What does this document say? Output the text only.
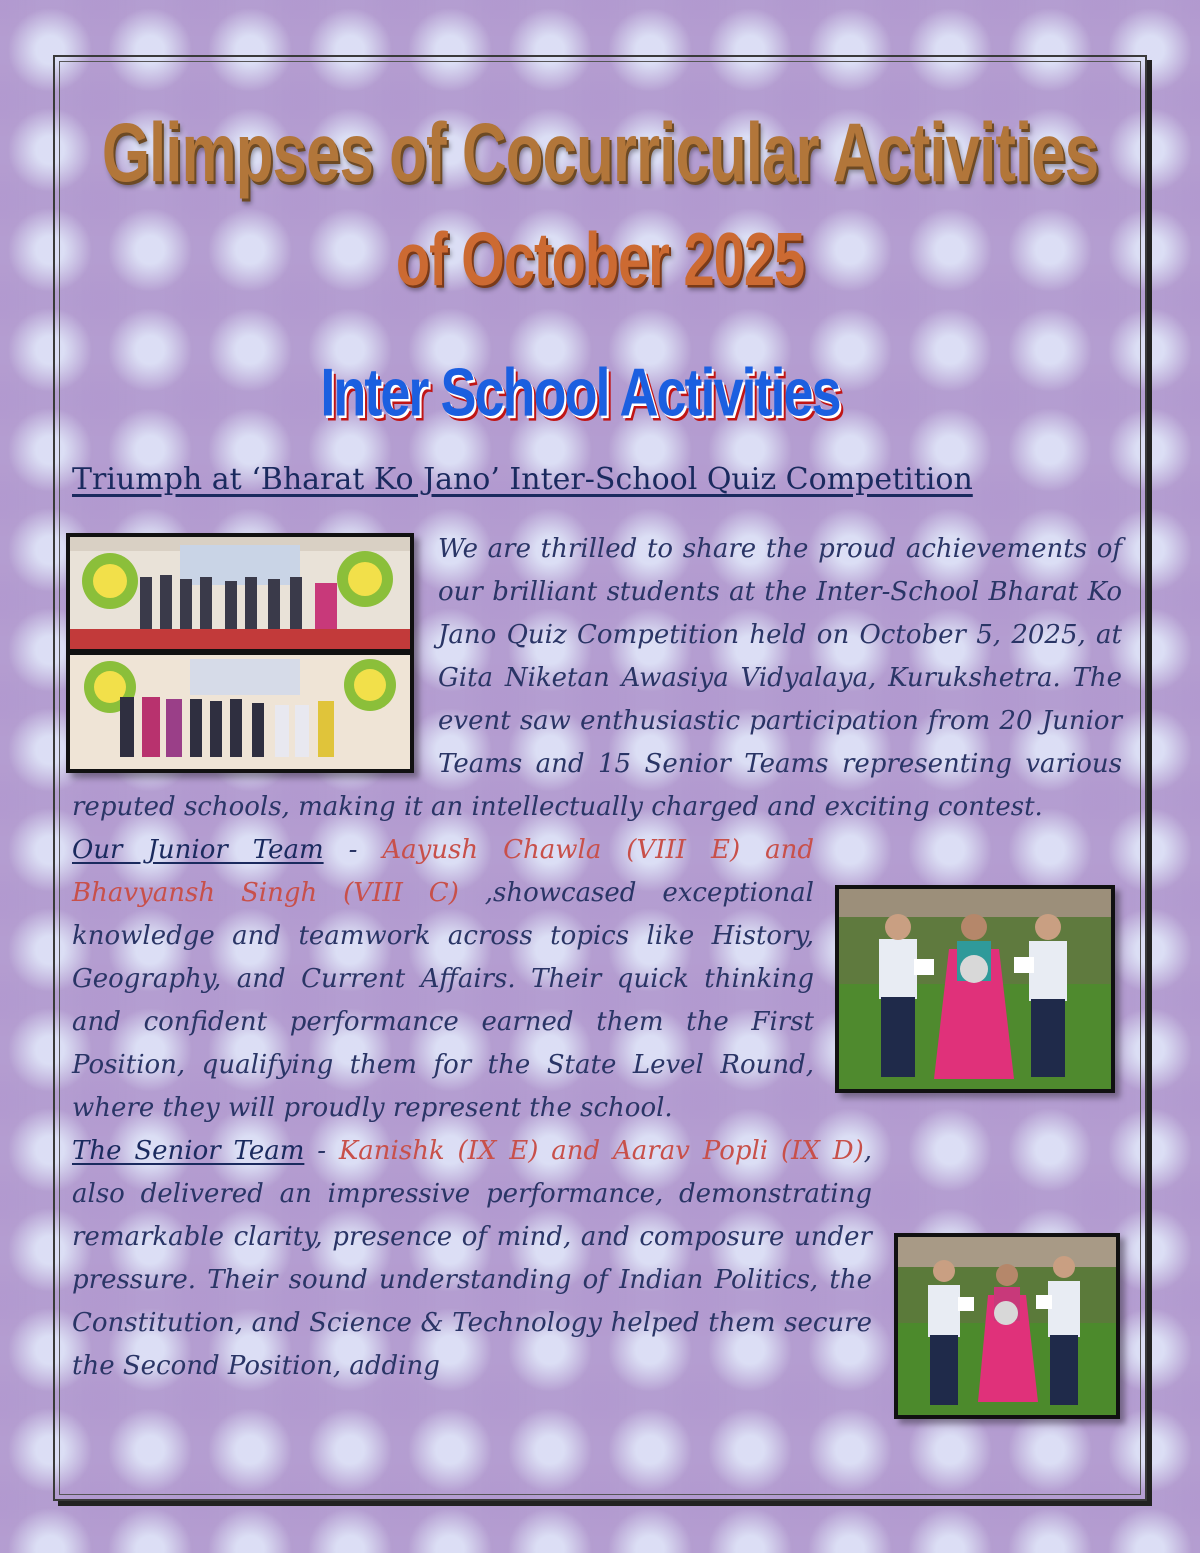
Glimpses of Cocurricular Activities
of October 2025
Inter School Activities
Triumph at ‘Bharat Ko Jano’ Inter-School Quiz Competition

We are thrilled to share the proud achievements of our brilliant students at the Inter-School Bharat Ko Jano Quiz Competition held on October 5, 2025, at Gita Niketan Awasiya Vidyalaya, Kurukshetra. The event saw enthusiastic participation from 20 Junior Teams and 15 Senior Teams representing various reputed schools, making it an intellectually charged and exciting contest.

Our Junior Team - Aayush Chawla (VIII E) and Bhavyansh Singh (VIII C) ,showcased exceptional knowledge and teamwork across topics like History, Geography, and Current Affairs. Their quick thinking and confident performance earned them the First Position, qualifying them for the State Level Round, where they will proudly represent the school.

The Senior Team - Kanishk (IX E) and Aarav Popli (IX D), also delivered an impressive performance, demonstrating remarkable clarity, presence of mind, and composure under pressure. Their sound understanding of Indian Politics, the Constitution, and Science & Technology helped them secure the Second Position, adding
